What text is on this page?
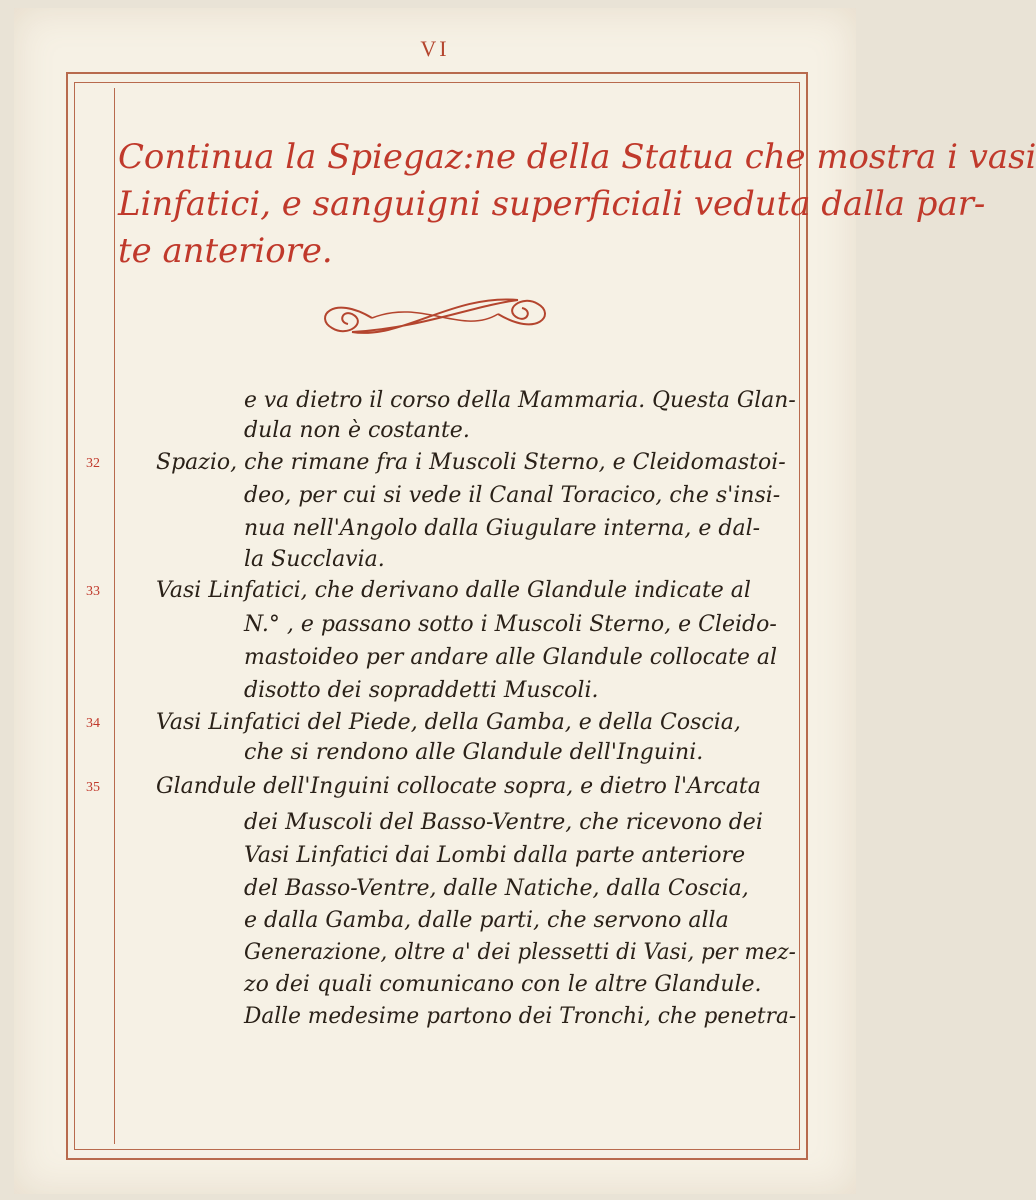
VI
Continua la Spiegaz:ne della Statua che mostra i vasi
Linfatici, e sanguigni superficiali veduta dalla par-
te anteriore.
e va dietro il corso della Mammaria. Questa Glan-
dula non è costante.
32	Spazio, che rimane fra i Muscoli Sterno, e Cleidomastoi-
deo, per cui si vede il Canal Toracico, che s'insi-
nua nell'Angolo dalla Giugulare interna, e dal-
la Succlavia.
33	Vasi Linfatici, che derivano dalle Glandule indicate al
N.° , e passano sotto i Muscoli Sterno, e Cleido-
mastoideo per andare alle Glandule collocate al
disotto dei sopraddetti Muscoli.
34	Vasi Linfatici del Piede, della Gamba, e della Coscia,
che si rendono alle Glandule dell'Inguini.
35	Glandule dell'Inguini collocate sopra, e dietro l'Arcata
dei Muscoli del Basso-Ventre, che ricevono dei
Vasi Linfatici dai Lombi dalla parte anteriore
del Basso-Ventre, dalle Natiche, dalla Coscia,
e dalla Gamba, dalle parti, che servono alla
Generazione, oltre a' dei plessetti di Vasi, per mez-
zo dei quali comunicano con le altre Glandule.
Dalle medesime partono dei Tronchi, che penetra-
